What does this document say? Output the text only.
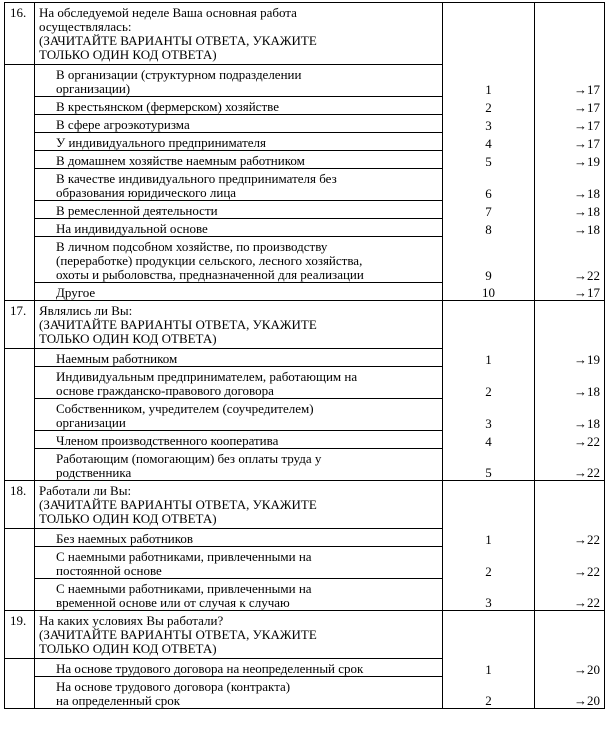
16.	На обследуемой неделе Ваша основная работа
осуществлялась:
(ЗАЧИТАЙТЕ ВАРИАНТЫ ОТВЕТА, УКАЖИТЕ
ТОЛЬКО ОДИН КОД ОТВЕТА)		

	В организации (структурном подразделении
организации)	1	→17

	В крестьянском (фермерском) хозяйстве	2	→17

	В сфере агроэкотуризма	3	→17

	У индивидуального предпринимателя	4	→17

	В домашнем хозяйстве наемным работником	5	→19

	В качестве индивидуального предпринимателя без
образования юридического лица	6	→18

	В ремесленной деятельности	7	→18

	На индивидуальной основе	8	→18

	В личном подсобном хозяйстве, по производству
(переработке) продукции сельского, лесного хозяйства,
охоты и рыболовства, предназначенной для реализации	9	→22

	Другое	10	→17
17.	Являлись ли Вы:
(ЗАЧИТАЙТЕ ВАРИАНТЫ ОТВЕТА, УКАЖИТЕ
ТОЛЬКО ОДИН КОД ОТВЕТА)		

	Наемным работником	1	→19

	Индивидуальным предпринимателем, работающим на
основе гражданско-правового договора	2	→18

	Собственником, учредителем (соучредителем)
организации	3	→18

	Членом производственного кооператива	4	→22

	Работающим (помогающим) без оплаты труда у
родственника	5	→22
18.	Работали ли Вы:
(ЗАЧИТАЙТЕ ВАРИАНТЫ ОТВЕТА, УКАЖИТЕ
ТОЛЬКО ОДИН КОД ОТВЕТА)		

	Без наемных работников	1	→22

	С наемными работниками, привлеченными на
постоянной основе	2	→22

	С наемными работниками, привлеченными на
временной основе или от случая к случаю	3	→22
19.	На каких условиях Вы работали?
(ЗАЧИТАЙТЕ ВАРИАНТЫ ОТВЕТА, УКАЖИТЕ
ТОЛЬКО ОДИН КОД ОТВЕТА)		

	На основе трудового договора на неопределенный срок	1	→20

	На основе трудового договора (контракта)
на определенный срок	2	→20
